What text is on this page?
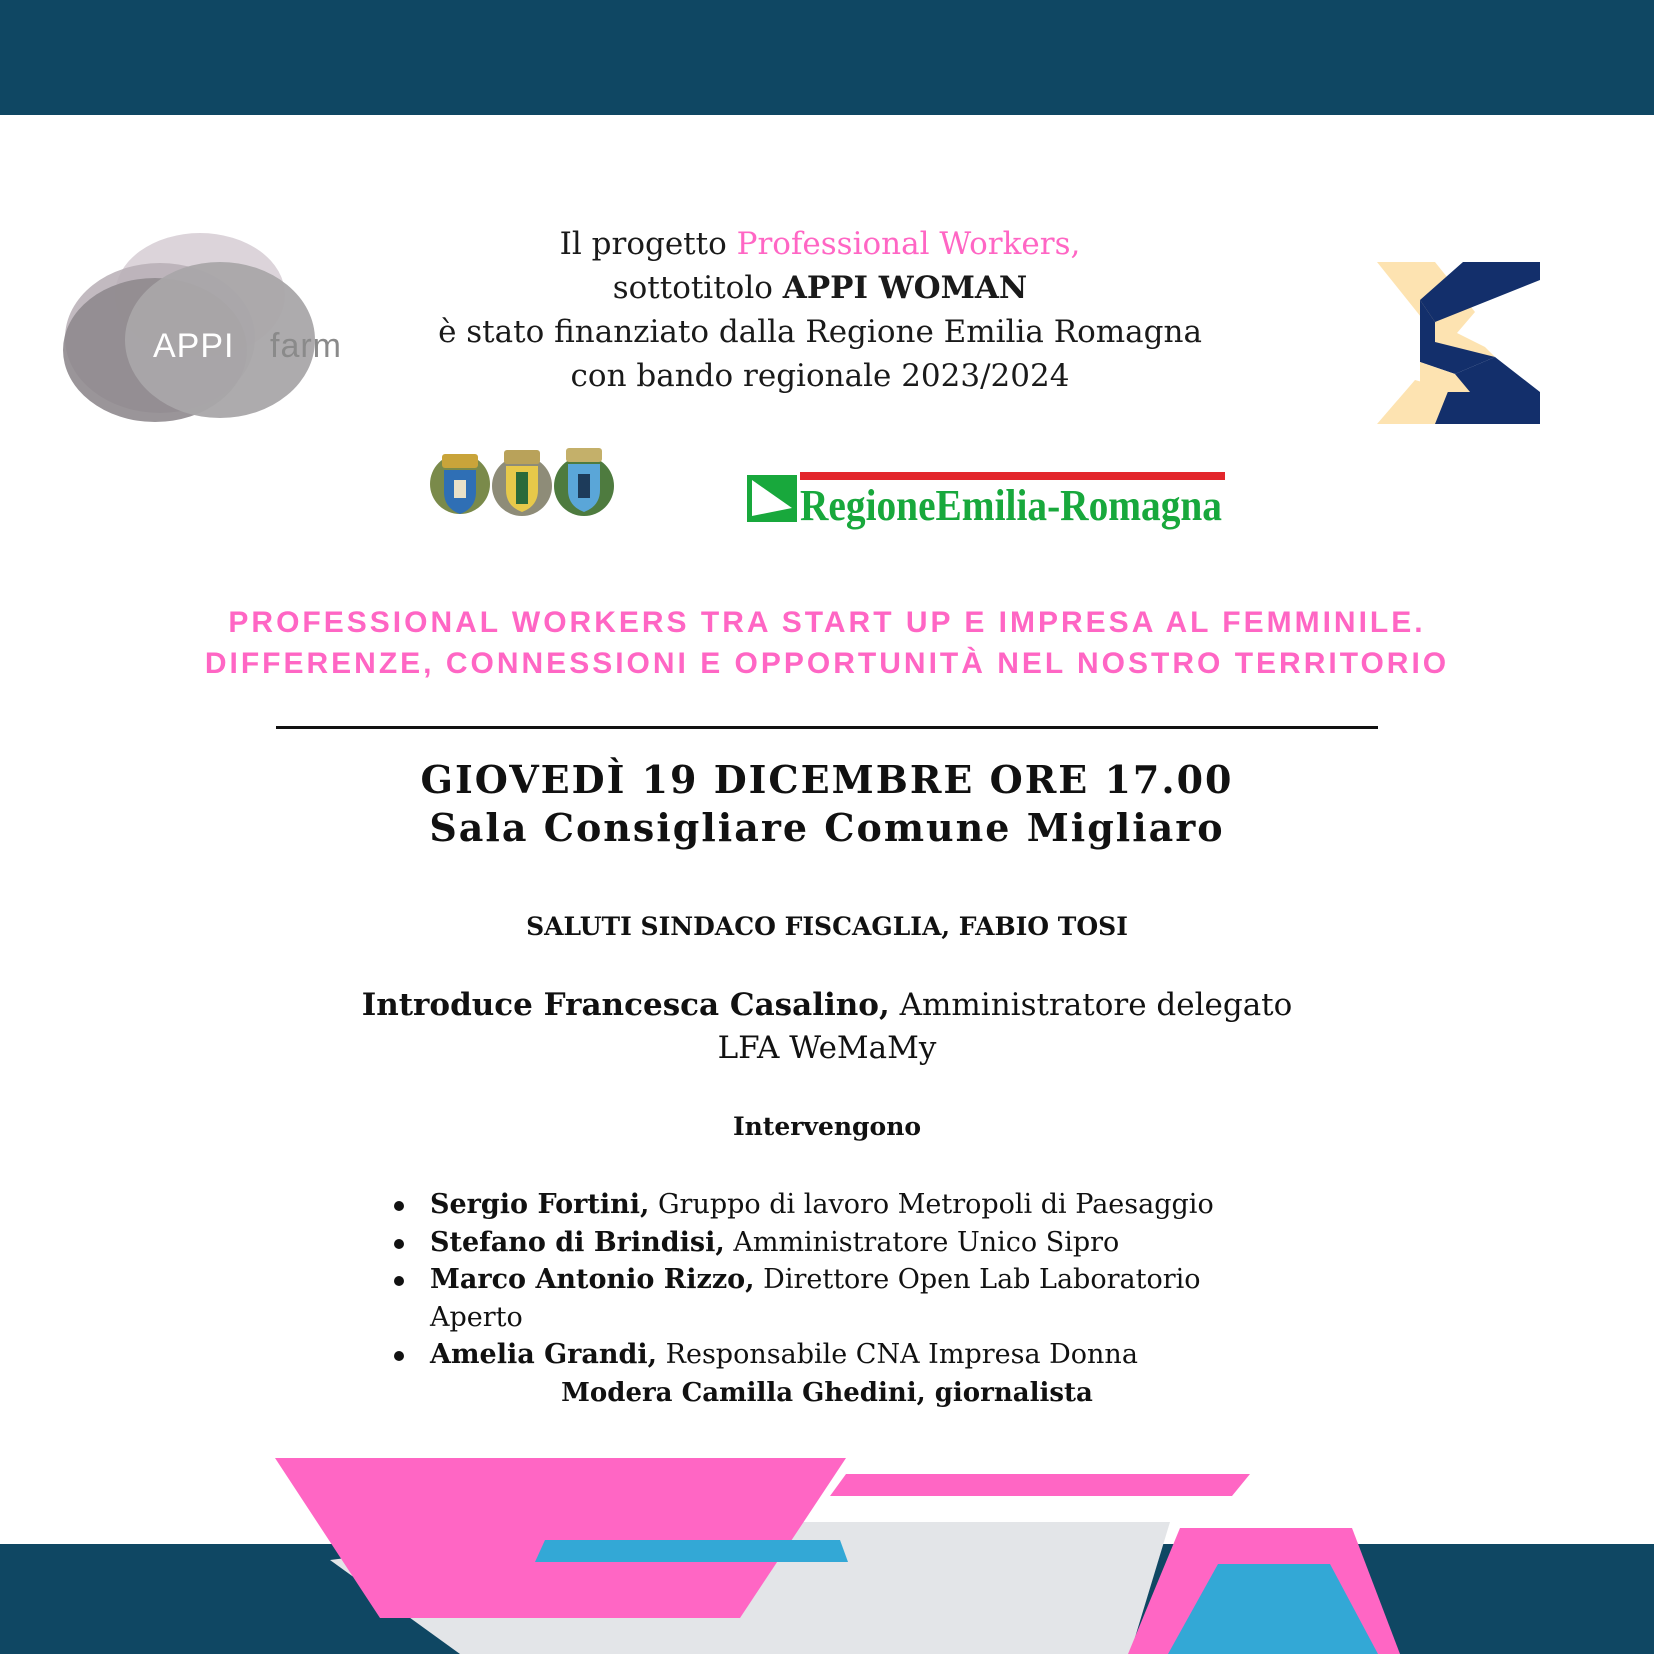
APPI farm
Il progetto Professional Workers,
sottotitolo APPI WOMAN
è stato finanziato dalla Regione Emilia Romagna
con bando regionale 2023/2024
RegioneEmilia-Romagna
PROFESSIONAL WORKERS TRA START UP E IMPRESA AL FEMMINILE.
DIFFERENZE, CONNESSIONI E OPPORTUNITÀ NEL NOSTRO TERRITORIO
GIOVEDÌ 19 DICEMBRE ORE 17.00
Sala Consigliare Comune Migliaro
SALUTI SINDACO FISCAGLIA, FABIO TOSI
Introduce Francesca Casalino, Amministratore delegato
LFA WeMaMy
Intervengono
Sergio Fortini, Gruppo di lavoro Metropoli di Paesaggio
Stefano di Brindisi, Amministratore Unico Sipro
Marco Antonio Rizzo, Direttore Open Lab Laboratorio Aperto
Amelia Grandi, Responsabile CNA Impresa Donna
Modera Camilla Ghedini, giornalista
